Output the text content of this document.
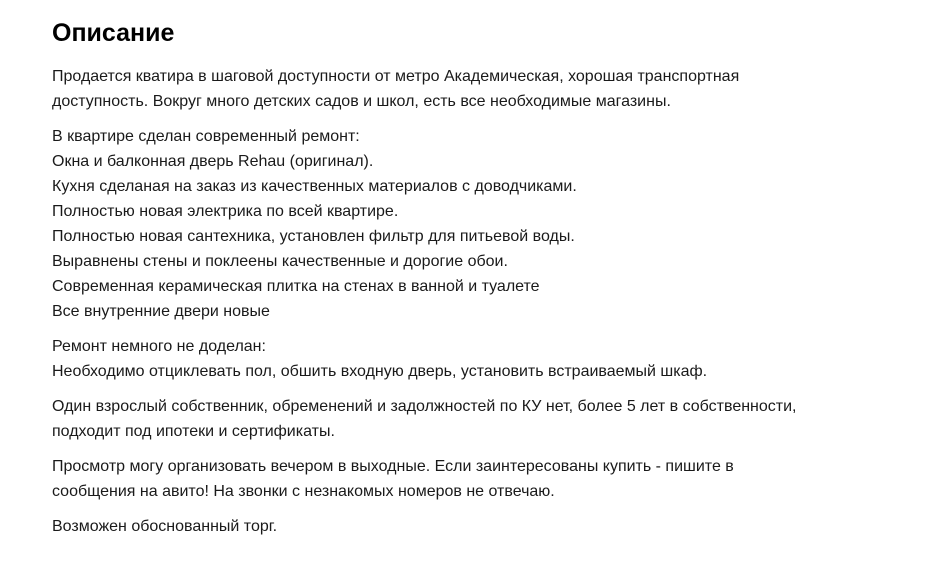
Описание

Продается кватира в шаговой доступности от метро Академическая, хорошая транспортная
доступность. Вокруг много детских садов и школ, есть все необходимые магазины.

В квартире сделан современный ремонт:
Окна и балконная дверь Rehau (оригинал).
Кухня сделаная на заказ из качественных материалов с доводчиками.
Полностью новая электрика по всей квартире.
Полностью новая сантехника, установлен фильтр для питьевой воды.
Выравнены стены и поклеены качественные и дорогие обои.
Современная керамическая плитка на стенах в ванной и туалете
Все внутренние двери новые

Ремонт немного не доделан:
Необходимо отциклевать пол, обшить входную дверь, установить встраиваемый шкаф.

Один взрослый собственник, обременений и задолжностей по КУ нет, более 5 лет в собственности,
подходит под ипотеки и сертификаты.

Просмотр могу организовать вечером в выходные. Если заинтересованы купить - пишите в
сообщения на авито! На звонки с незнакомых номеров не отвечаю.

Возможен обоснованный торг.
